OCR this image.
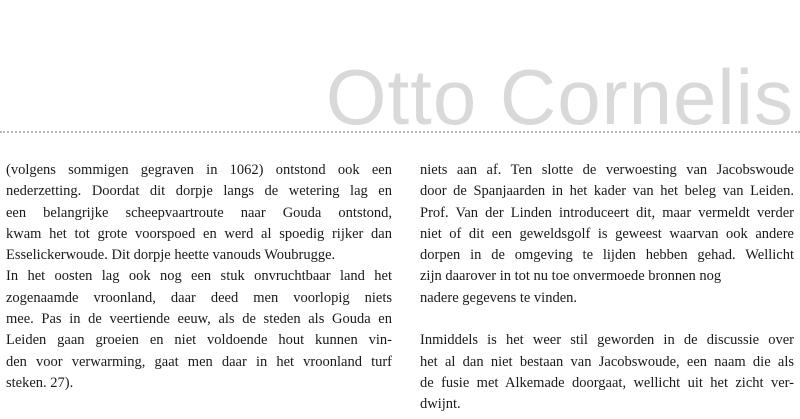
Otto Cornelis
(volgens sommigen gegraven in 1062) ontstond ook een
nederzetting. Doordat dit dorpje langs de wetering lag en
een belangrijke scheepvaartroute naar Gouda ontstond,
kwam het tot grote voorspoed en werd al spoedig rijker dan
Esselickerwoude. Dit dorpje heette vanouds Woubrugge.
In het oosten lag ook nog een stuk onvruchtbaar land het
zogenaamde vroonland, daar deed men voorlopig niets
mee. Pas in de veertiende eeuw, als de steden als Gouda en
Leiden gaan groeien en niet voldoende hout kunnen vin-
den voor verwarming, gaat men daar in het vroonland turf
steken. 27).
niets aan af. Ten slotte de verwoesting van Jacobswoude
door de Spanjaarden in het kader van het beleg van Leiden.
Prof. Van der Linden introduceert dit, maar vermeldt verder
niet of dit een geweldsgolf is geweest waarvan ook andere
dorpen in de omgeving te lijden hebben gehad. Wellicht
zijn daarover in tot nu toe onvermoede bronnen nog
nadere gegevens te vinden.
Inmiddels is het weer stil geworden in de discussie over
het al dan niet bestaan van Jacobswoude, een naam die als
de fusie met Alkemade doorgaat, wellicht uit het zicht ver-
dwijnt.
